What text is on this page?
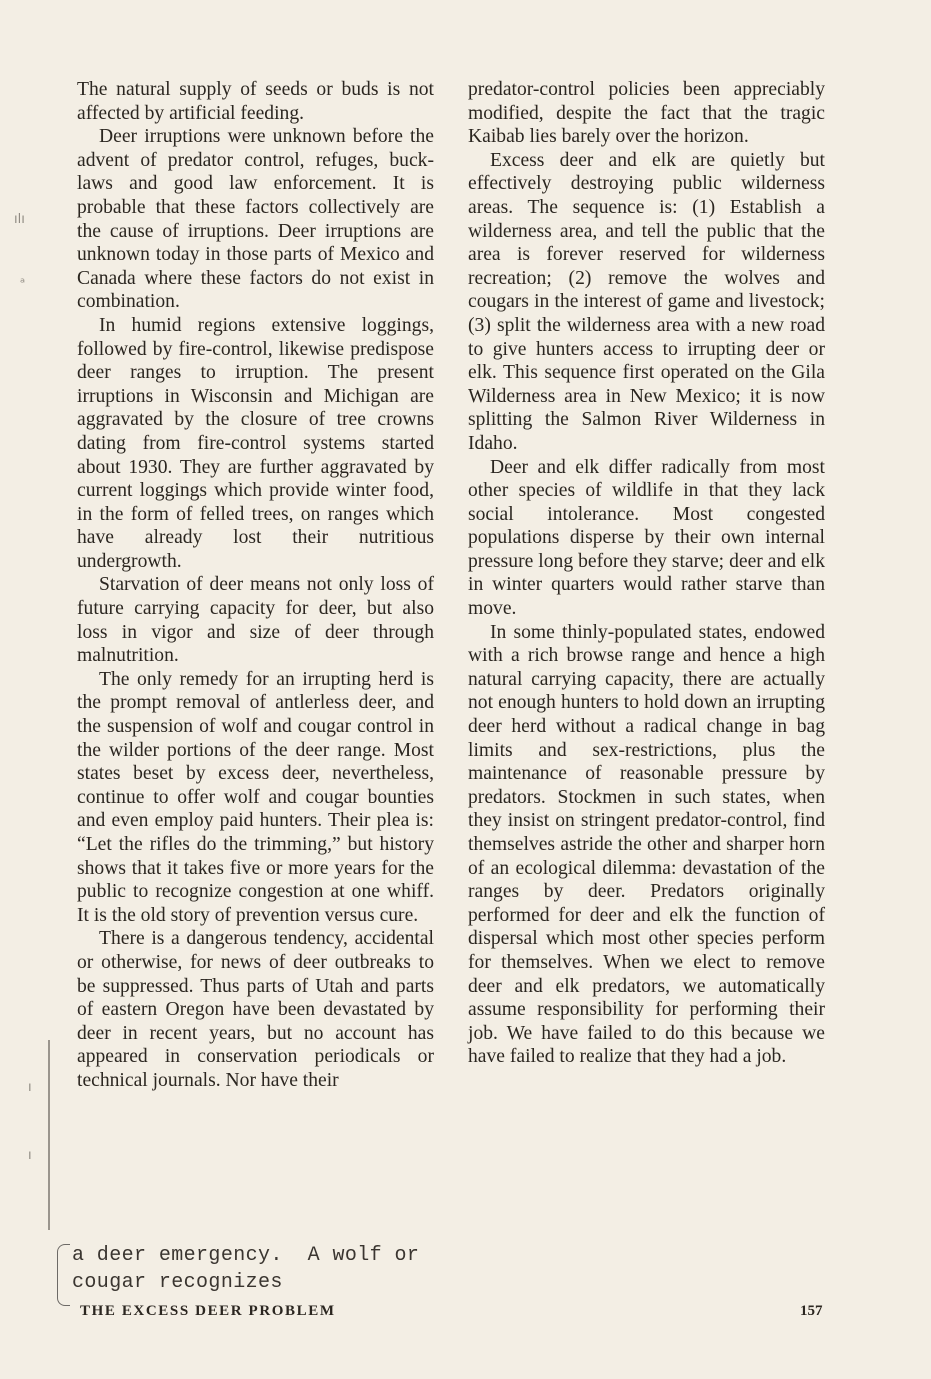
ılı
ᵃ
ı
ı

The natural supply of seeds or buds is not affected by artificial feeding.

Deer irruptions were unknown before the advent of predator control, refuges, buck-laws and good law enforcement. It is probable that these factors collectively are the cause of irruptions. Deer irruptions are unknown today in those parts of Mexico and Canada where these factors do not exist in combination.

In humid regions extensive loggings, followed by fire-control, likewise predispose deer ranges to irruption. The present irruptions in Wisconsin and Michigan are aggravated by the closure of tree crowns dating from fire-control systems started about 1930. They are further aggravated by current loggings which provide winter food, in the form of felled trees, on ranges which have already lost their nutritious undergrowth.

Starvation of deer means not only loss of future carrying capacity for deer, but also loss in vigor and size of deer through malnutrition.

The only remedy for an irrupting herd is the prompt removal of antlerless deer, and the suspension of wolf and cougar control in the wilder portions of the deer range. Most states beset by excess deer, nevertheless, continue to offer wolf and cougar bounties and even employ paid hunters. Their plea is: “Let the rifles do the trimming,” but history shows that it takes five or more years for the public to recognize congestion at one whiff. It is the old story of prevention versus cure.

There is a dangerous tendency, accidental or otherwise, for news of deer outbreaks to be suppressed. Thus parts of Utah and parts of eastern Oregon have been devastated by deer in recent years, but no account has appeared in conservation periodicals or technical journals. Nor have their

predator-control policies been appreciably modified, despite the fact that the tragic Kaibab lies barely over the horizon.

Excess deer and elk are quietly but effectively destroying public wilderness areas. The sequence is: (1) Establish a wilderness area, and tell the public that the area is forever reserved for wilderness recreation; (2) remove the wolves and cougars in the interest of game and livestock; (3) split the wilderness area with a new road to give hunters access to irrupting deer or elk. This sequence first operated on the Gila Wilderness area in New Mexico; it is now splitting the Salmon River Wilderness in Idaho.

Deer and elk differ radically from most other species of wildlife in that they lack social intolerance. Most congested populations disperse by their own internal pressure long before they starve; deer and elk in winter quarters would rather starve than move.

In some thinly-populated states, endowed with a rich browse range and hence a high natural carrying capacity, there are actually not enough hunters to hold down an irrupting deer herd without a radical change in bag limits and sex-restrictions, plus the maintenance of reasonable pressure by predators. Stockmen in such states, when they insist on stringent predator-control, find themselves astride the other and sharper horn of an ecological dilemma: devastation of the ranges by deer. Predators originally performed for deer and elk the function of dispersal which most other species perform for themselves. When we elect to remove deer and elk predators, we automatically assume responsibility for performing their job. We have failed to do this because we have failed to realize that they had a job.

a deer emergency.  A wolf or
cougar recognizes
THE EXCESS DEER PROBLEM	157
